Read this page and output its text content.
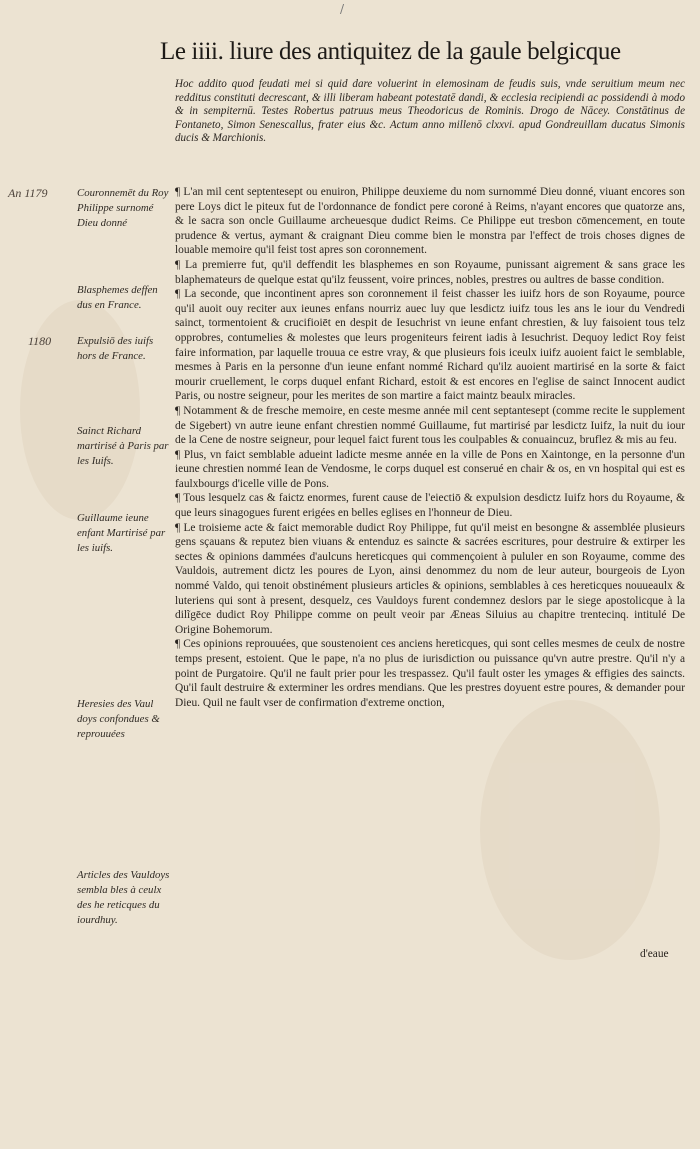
/
Le iiii. liure des antiquitez de la gaule belgicque
Hoc addito quod feudati mei si quid dare voluerint in elemosinam de feudis suis, vnde seruitium meum nec redditus constituti decrescant, & illi liberam habeant potestatē dandi, & ecclesia recipiendi ac possidendi à modo & in sempiternū. Testes Robertus patruus meus Theodoricus de Rominis. Drogo de Nācey. Constātinus de Fontaneto, Simon Senescallus, frater eius &c. Actum anno millenō clxxvi. apud Gondreuillam ducatus Simonis ducis & Marchionis.
An 1179
1180
Couronnemēt du Roy Philippe surnomé Dieu donné
Blasphemes deffen dus en France.
Expulsiō des iuifs hors de France.
Sainct Richard martirisé à Paris par les Iuifs.
Guillaume ieune enfant Martirisé par les iuifs.
Heresies des Vaul doys confondues & reprouuées
Articles des Vauldoys sembla bles à ceulx des he reticques du iourdhuy.

¶ L'an mil cent septentesept ou enuiron, Philippe deuxieme du nom surnommé Dieu donné, viuant encores son pere Loys dict le piteux fut de l'ordonnance de fondict pere coroné à Reims, n'ayant encores que quatorze ans, & le sacra son oncle Guillaume archeuesque dudict Reims. Ce Philippe eut tresbon cōmencement, en toute prudence & vertus, aymant & craignant Dieu comme bien le monstra par l'effect de trois choses dignes de louable memoire qu'il feist tost apres son coronnement.

¶ La premierre fut, qu'il deffendit les blasphemes en son Royaume, punissant aigrement & sans grace les blaphemateurs de quelque estat qu'ilz feussent, voire princes, nobles, prestres ou aultres de basse condition.

¶ La seconde, que incontinent apres son coronnement il feist chasser les iuifz hors de son Royaume, pource qu'il auoit ouy reciter aux ieunes enfans nourriz auec luy que lesdictz iuifz tous les ans le iour du Vendredi sainct, tormentoient & crucifioiēt en despit de Iesuchrist vn ieune enfant chrestien, & luy faisoient tous telz opprobres, contumelies & molestes que leurs progeniteurs feirent iadis à Iesuchrist. Dequoy ledict Roy feist faire information, par laquelle trouua ce estre vray, & que plusieurs fois iceulx iuifz auoient faict le semblable, mesmes à Paris en la personne d'un ieune enfant nommé Richard qu'ilz auoient martirisé en la sorte & faict mourir cruellement, le corps duquel enfant Richard, estoit & est encores en l'eglise de sainct Innocent audict Paris, ou nostre seigneur, pour les merites de son martire a faict maintz beaulx miracles.

¶ Notamment & de fresche memoire, en ceste mesme année mil cent septantesept (comme recite le supplement de Sigebert) vn autre ieune enfant chrestien nommé Guillaume, fut martirisé par lesdictz Iuifz, la nuit du iour de la Cene de nostre seigneur, pour lequel faict furent tous les coulpables & conuaincuz, bruflez & mis au feu.

¶ Plus, vn faict semblable adueint ladicte mesme année en la ville de Pons en Xaintonge, en la personne d'un ieune chrestien nommé Iean de Vendosme, le corps duquel est conserué en chair & os, en vn hospital qui est es faulxbourgs d'icelle ville de Pons.

¶ Tous lesquelz cas & faictz enormes, furent cause de l'eiectiō & expulsion desdictz Iuifz hors du Royaume, & que leurs sinagogues furent erigées en belles eglises en l'honneur de Dieu.

¶ Le troisieme acte & faict memorable dudict Roy Philippe, fut qu'il meist en besongne & assemblée plusieurs gens sçauans & reputez bien viuans & entenduz es saincte & sacrées escritures, pour destruire & extirper les sectes & opinions dammées d'aulcuns hereticques qui commençoient à pululer en son Royaume, comme des Vauldois, autrement dictz les poures de Lyon, ainsi denommez du nom de leur auteur, bourgeois de Lyon nommé Valdo, qui tenoit obstinément plusieurs articles & opinions, semblables à ces hereticques nouueaulx & luteriens qui sont à present, desquelz, ces Vauldoys furent condemnez deslors par le siege apostolicque à la dilĩgēce dudict Roy Philippe comme on peult veoir par Æneas Siluius au chapitre trentecinq. intitulé De Origine Bohemorum.

¶ Ces opinions reprouuées, que soustenoient ces anciens hereticques, qui sont celles mesmes de ceulx de nostre temps present, estoient. Que le pape, n'a no plus de iurisdiction ou puissance qu'vn autre prestre. Qu'il n'y a point de Purgatoire. Qu'il ne fault prier pour les trespassez. Qu'il fault oster les ymages & effigies des saincts. Qu'il fault destruire & exterminer les ordres mendians. Que les prestres doyuent estre poures, & demander pour Dieu. Quil ne fault vser de confirmation d'extreme onction,

d'eaue
